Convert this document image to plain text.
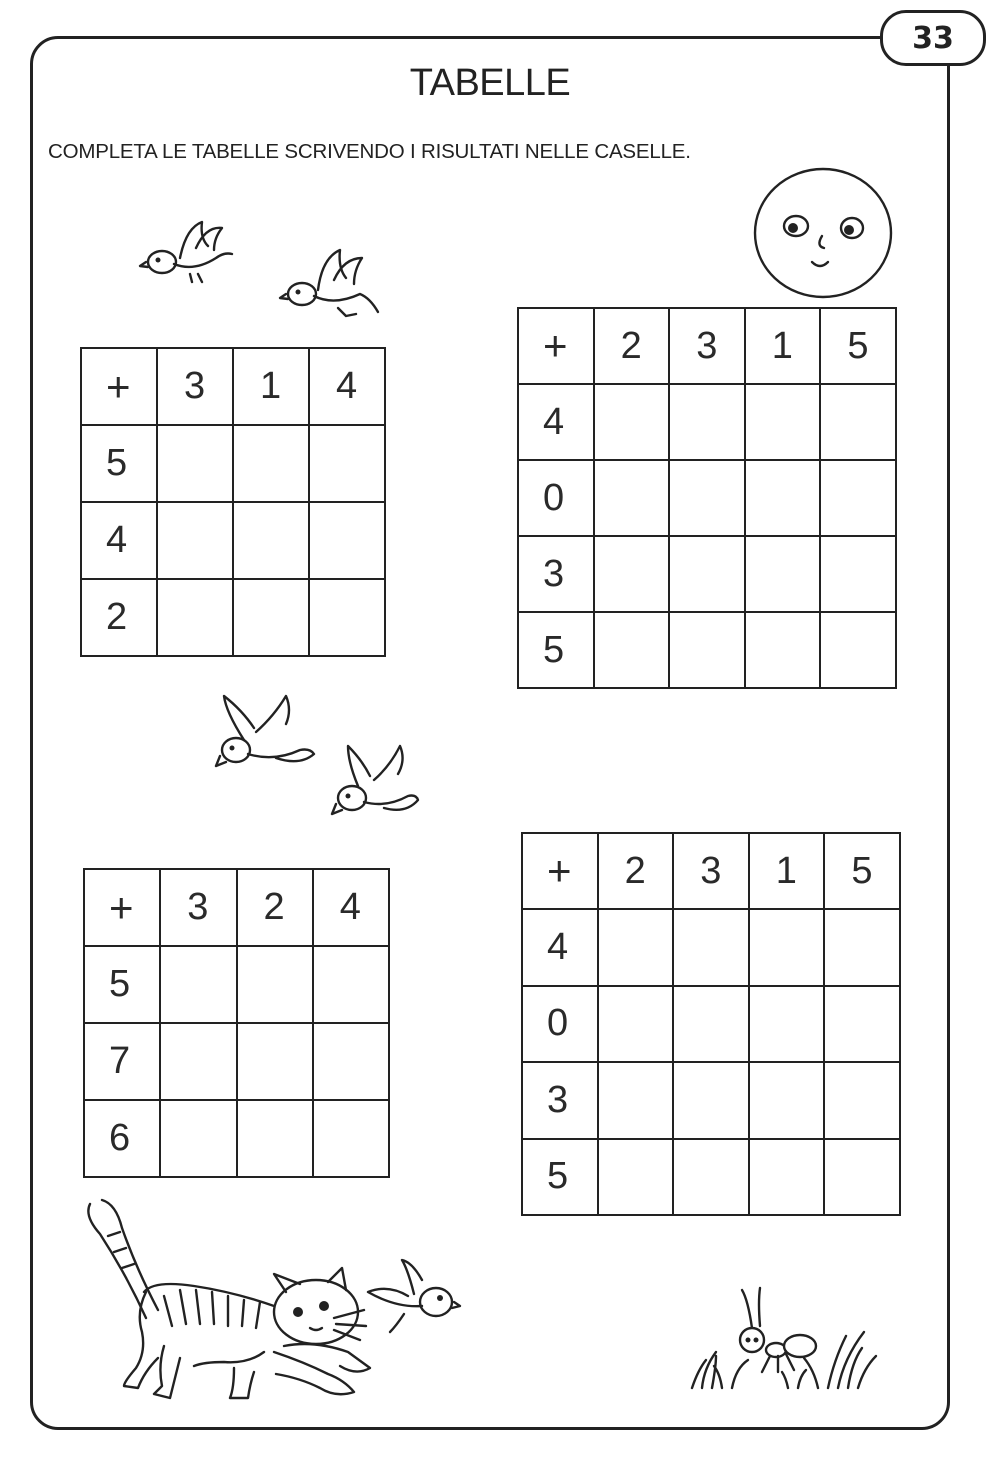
33
TABELLE
COMPLETA LE TABELLE SCRIVENDO I RISULTATI NELLE CASELLE.
+	3	1	4
5			
4			
2			
+	2	3	1	5
4				
0				
3				
5				
+	3	2	4
5			
7			
6			
+	2	3	1	5
4				
0				
3				
5				
